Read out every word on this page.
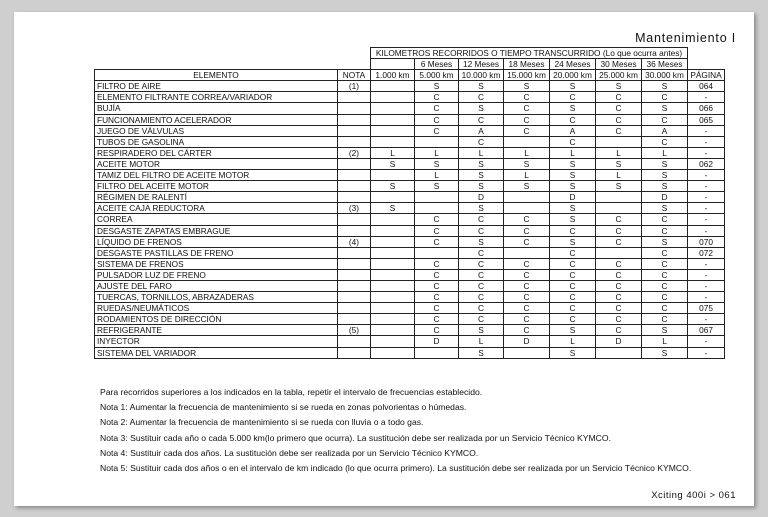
Mantenimiento I
		KILOMETROS RECORRIDOS O TIEMPO TRANSCURRIDO (Lo que ocurra antes)							
			6 Meses	12 Meses	18 Meses	24 Meses	30 Meses	36 Meses	
ELEMENTO	NOTA	1.000 km	5.000 km	10.000 km	15.000 km	20.000 km	25.000 km	30.000 km	PÁGINA
FILTRO DE AIRE	(1)		S	S	S	S	S	S	064
ELEMENTO FILTRANTE CORREA/VARIADOR			C	C	C	C	C	C	-
BUJÍA			C	S	C	S	C	S	066
FUNCIONAMIENTO ACELERADOR			C	C	C	C	C	C	065
JUEGO DE VÁLVULAS			C	A	C	A	C	A	-
TUBOS DE GASOLINA				C		C		C	-
RESPIRADERO DEL CÁRTER	(2)	L	L	L	L	L	L	L	-
ACEITE MOTOR		S	S	S	S	S	S	S	062
TAMIZ DEL FILTRO DE ACEITE MOTOR			L	S	L	S	L	S	-
FILTRO DEL ACEITE MOTOR		S	S	S	S	S	S	S	-
RÉGIMEN DE RALENTÍ				D		D		D	-
ACEITE CAJA REDUCTORA	(3)	S		S		S		S	-
CORREA			C	C	C	S	C	C	-
DESGASTE ZAPATAS EMBRAGUE			C	C	C	C	C	C	-
LÍQUIDO DE FRENOS	(4)		C	S	C	S	C	S	070
DESGASTE PASTILLAS DE FRENO				C		C		C	072
SISTEMA DE FRENOS			C	C	C	C	C	C	-
PULSADOR LUZ DE FRENO			C	C	C	C	C	C	-
AJUSTE DEL FARO			C	C	C	C	C	C	-
TUERCAS, TORNILLOS, ABRAZADERAS			C	C	C	C	C	C	-
RUEDAS/NEUMÁTICOS			C	C	C	C	C	C	075
RODAMIENTOS DE DIRECCIÓN			C	C	C	C	C	C	-
REFRIGERANTE	(5)		C	S	C	S	C	S	067
INYECTOR			D	L	D	L	D	L	-
SISTEMA DEL VARIADOR				S		S		S	-
Para recorridos superiores a los indicados en la tabla, repetir el intervalo de frecuencias establecido.
Nota 1: Aumentar la frecuencia de mantenimiento si se rueda en zonas polvorientas o húmedas.
Nota 2: Aumentar la frecuencia de mantenimiento si se rueda con lluvia o a todo gas.
Nota 3: Sustituir cada año o cada 5.000 km(lo primero que ocurra). La sustitución debe ser realizada por un Servicio Técnico KYMCO.
Nota 4: Sustituir cada dos años. La sustitución debe ser realizada por un Servicio Técnico KYMCO.
Nota 5: Sustituir cada dos años o en el intervalo de km indicado (lo que ocurra primero). La sustitución debe ser realizada por un Servicio Técnico KYMCO.
Xciting 400i > 061
